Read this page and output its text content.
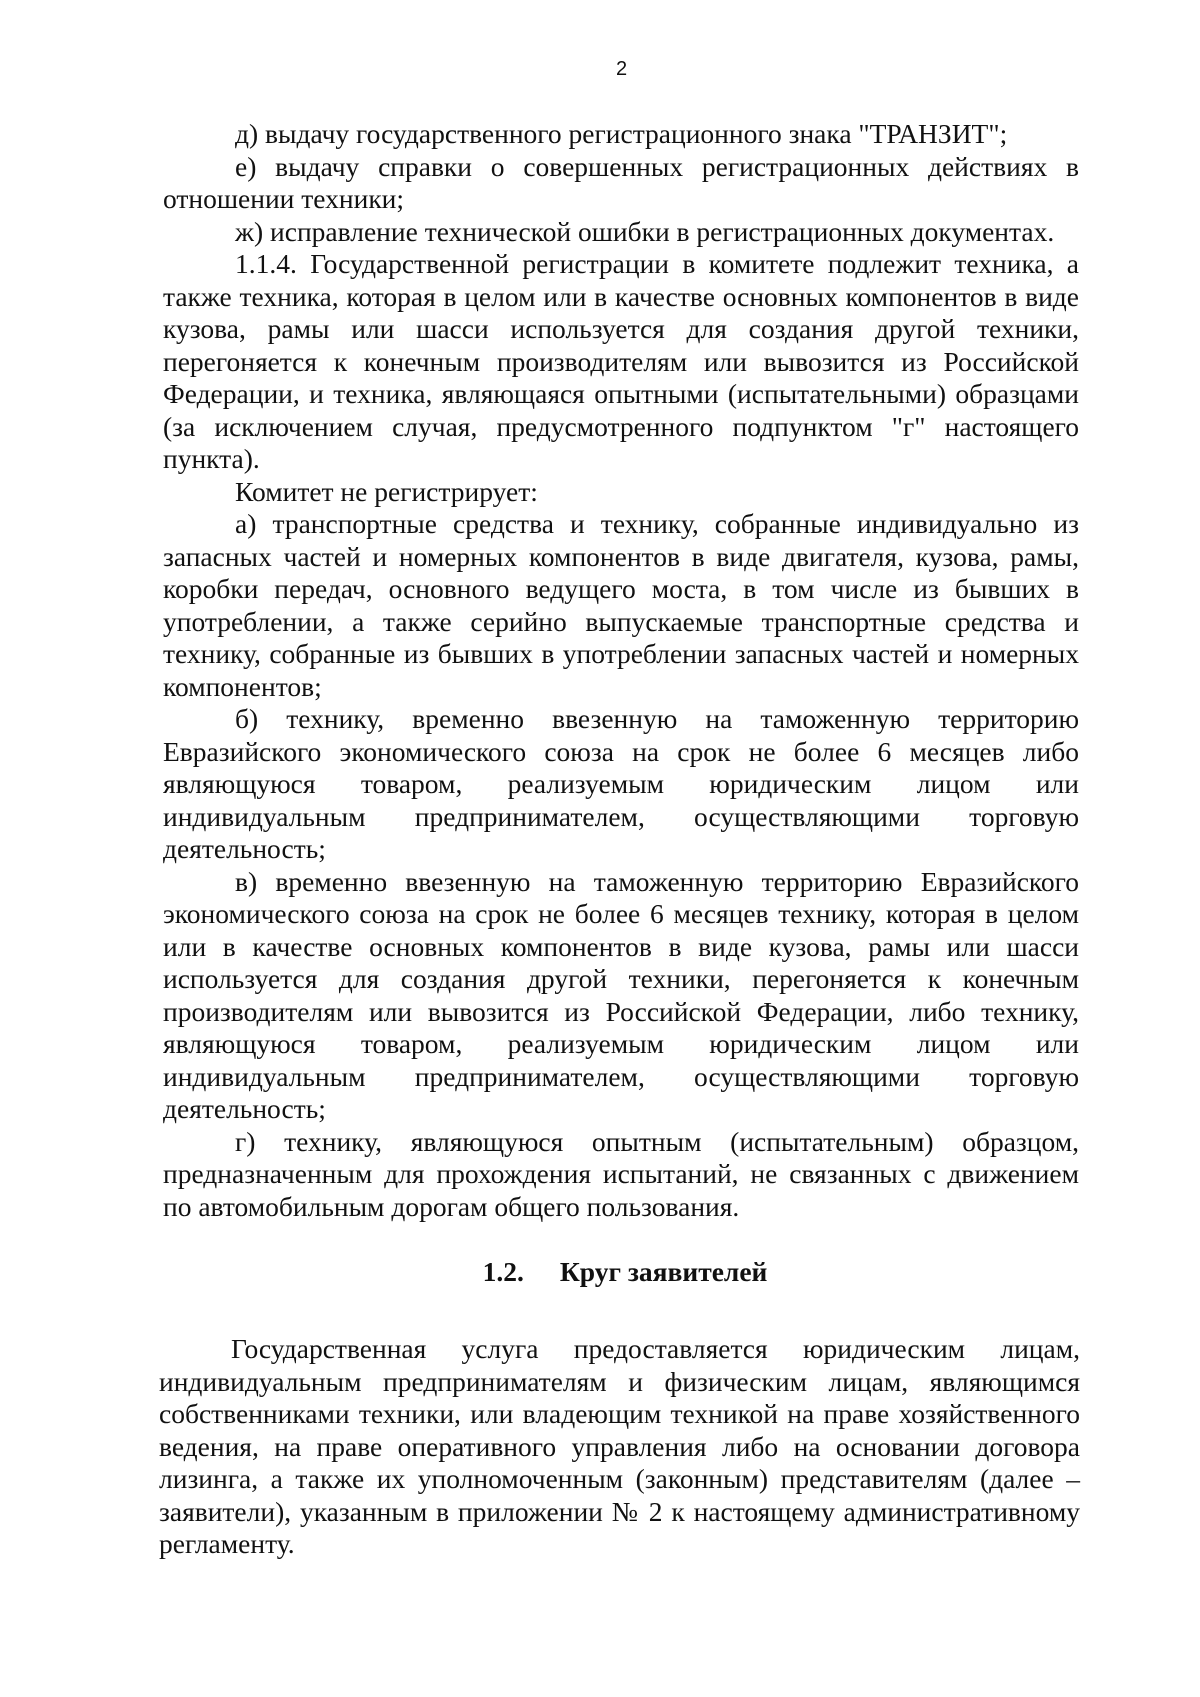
2

д) выдачу государственного регистрационного знака "ТРАНЗИТ";

е) выдачу справки о совершенных регистрационных действиях в отношении техники;

ж) исправление технической ошибки в регистрационных документах.

1.1.4. Государственной регистрации в комитете подлежит техника, а также техника, которая в целом или в качестве основных компонентов в виде кузова, рамы или шасси используется для создания другой техники, перегоняется к конечным производителям или вывозится из Российской Федерации, и техника, являющаяся опытными (испытательными) образцами (за исключением случая, предусмотренного подпунктом "г" настоящего пункта).

Комитет не регистрирует:

а) транспортные средства и технику, собранные индивидуально из запасных частей и номерных компонентов в виде двигателя, кузова, рамы, коробки передач, основного ведущего моста, в том числе из бывших в употреблении, а также серийно выпускаемые транспортные средства и технику, собранные из бывших в употреблении запасных частей и номерных компонентов;

б) технику, временно ввезенную на таможенную территорию Евразийского экономического союза на срок не более 6 месяцев либо являющуюся товаром, реализуемым юридическим лицом или индивидуальным предпринимателем, осуществляющими торговую деятельность;

в) временно ввезенную на таможенную территорию Евразийского экономического союза на срок не более 6 месяцев технику, которая в целом или в качестве основных компонентов в виде кузова, рамы или шасси используется для создания другой техники, перегоняется к конечным производителям или вывозится из Российской Федерации, либо технику, являющуюся товаром, реализуемым юридическим лицом или индивидуальным предпринимателем, осуществляющими торговую деятельность;

г) технику, являющуюся опытным (испытательным) образцом, предназначенным для прохождения испытаний, не связанных с движением по автомобильным дорогам общего пользования.

1.2. Круг заявителей

Государственная услуга предоставляется юридическим лицам, индивидуальным предпринимателям и физическим лицам, являющимся собственниками техники, или владеющим техникой на праве хозяйственного ведения, на праве оперативного управления либо на основании договора лизинга, а также их уполномоченным (законным) представителям (далее – заявители), указанным в приложении № 2 к настоящему административному регламенту.
